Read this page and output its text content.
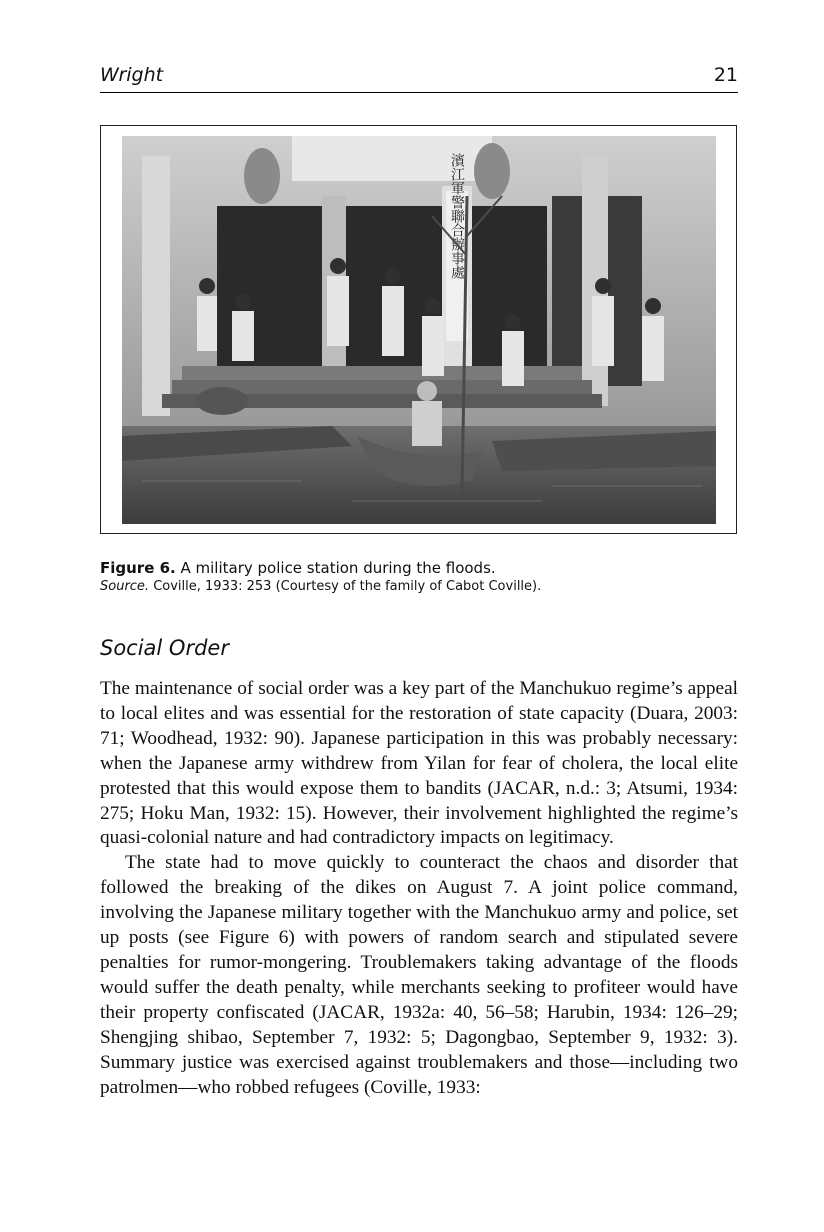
Wright	21
濱江軍警聯合辦事處
Figure 6. A military police station during the floods.
Source. Coville, 1933: 253 (Courtesy of the family of Cabot Coville).
Social Order

The maintenance of social order was a key part of the Manchukuo regime’s appeal to local elites and was essential for the restoration of state capacity (Duara, 2003: 71; Woodhead, 1932: 90). Japanese participation in this was probably necessary: when the Japanese army withdrew from Yilan for fear of cholera, the local elite protested that this would expose them to bandits (JACAR, n.d.: 3; Atsumi, 1934: 275; Hoku Man, 1932: 15). However, their involvement highlighted the regime’s quasi-colonial nature and had contradictory impacts on legitimacy.

The state had to move quickly to counteract the chaos and disorder that followed the breaking of the dikes on August 7. A joint police command, involving the Japanese military together with the Manchukuo army and police, set up posts (see Figure 6) with powers of random search and stipulated severe penalties for rumor-mongering. Troublemakers taking advantage of the floods would suffer the death penalty, while merchants seeking to profiteer would have their property confiscated (JACAR, 1932a: 40, 56–58; Harubin, 1934: 126–29; Shengjing shibao, September 7, 1932: 5; Dagongbao, September 9, 1932: 3). Summary justice was exercised against troublemakers and those—including two patrolmen—who robbed refugees (Coville, 1933:
